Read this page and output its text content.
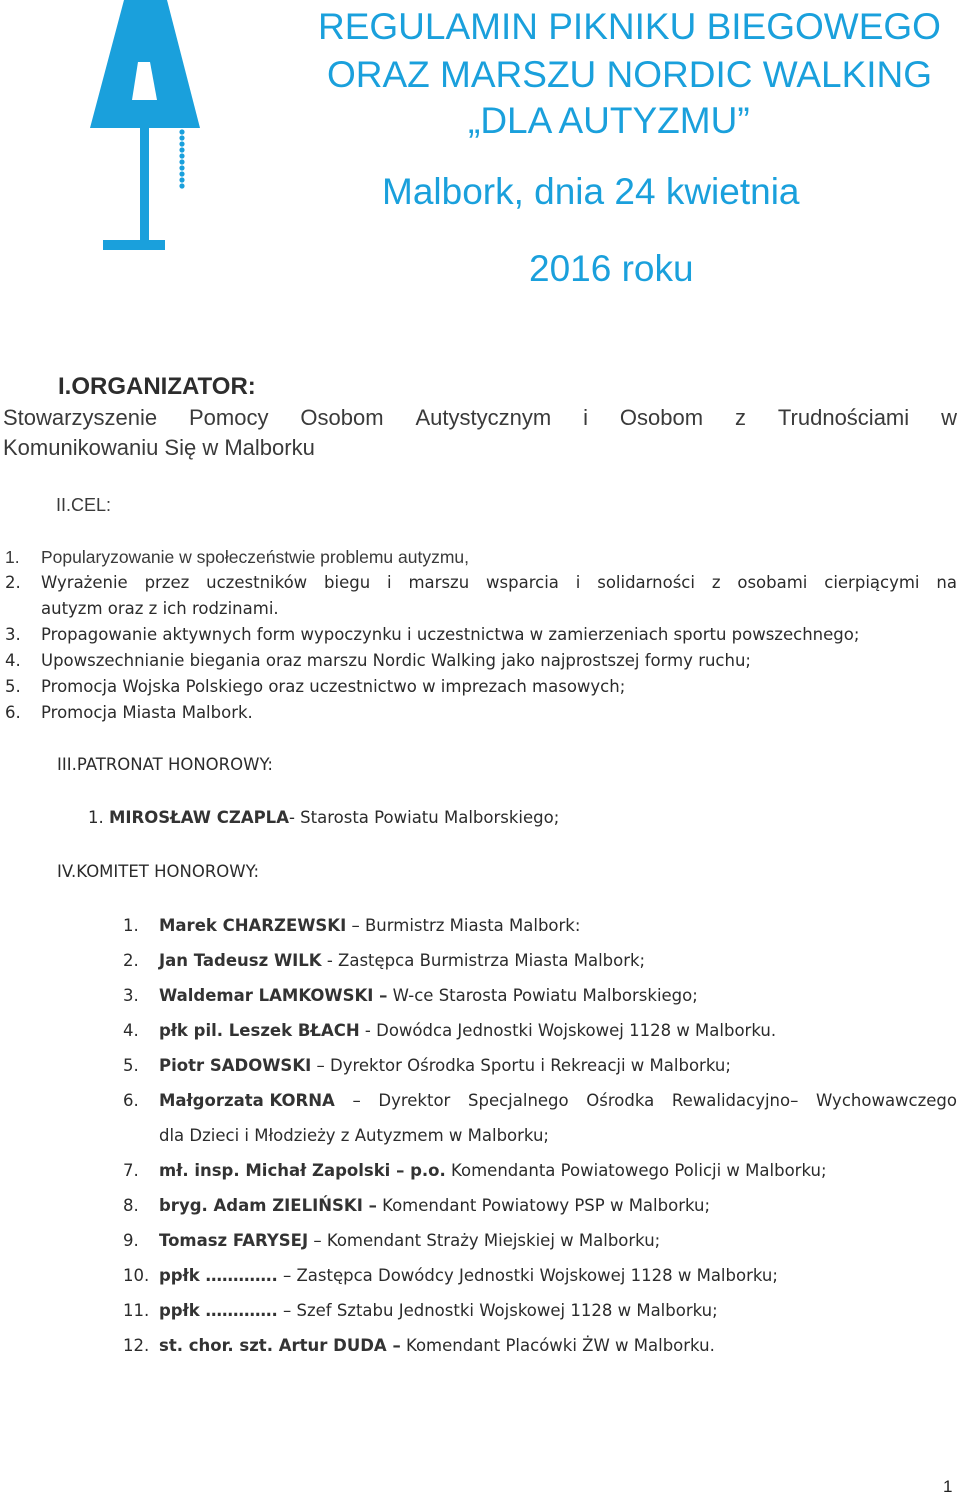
REGULAMIN PIKNIKU BIEGOWEGO
ORAZ MARSZU NORDIC WALKING
„DLA AUTYZMU”
Malbork, dnia 24 kwietnia
2016 roku
I.ORGANIZATOR:
Stowarzyszenie Pomocy Osobom Autystycznym i Osobom z Trudnościami w
Komunikowaniu Się w Malborku
II.CEL:
1. Popularyzowanie w społeczeństwie problemu autyzmu,
2. Wyrażenie przez uczestników biegu i marszu wsparcia i solidarności z osobami cierpiącymi na
autyzm oraz z ich rodzinami.
3. Propagowanie aktywnych form wypoczynku i uczestnictwa w zamierzeniach sportu powszechnego;
4. Upowszechnianie biegania oraz marszu Nordic Walking jako najprostszej formy ruchu;
5. Promocja Wojska Polskiego oraz uczestnictwo w imprezach masowych;
6. Promocja Miasta Malbork.
III.PATRONAT HONOROWY:
1. MIROSŁAW CZAPLA- Starosta Powiatu Malborskiego;
IV.KOMITET HONOROWY:
1. Marek CHARZEWSKI – Burmistrz Miasta Malbork:
2. Jan Tadeusz WILK - Zastępca Burmistrza Miasta Malbork;
3. Waldemar LAMKOWSKI – W-ce Starosta Powiatu Malborskiego;
4. płk pil. Leszek BŁACH - Dowódca Jednostki Wojskowej 1128 w Malborku.
5. Piotr SADOWSKI – Dyrektor Ośrodka Sportu i Rekreacji w Malborku;
6. Małgorzata KORNA – Dyrektor Specjalnego Ośrodka Rewalidacyjno– Wychowawczego
dla Dzieci i Młodzieży z Autyzmem w Malborku;
7. mł. insp. Michał Zapolski – p.o. Komendanta Powiatowego Policji w Malborku;
8. bryg. Adam ZIELIŃSKI – Komendant Powiatowy PSP w Malborku;
9. Tomasz FARYSEJ – Komendant Straży Miejskiej w Malborku;
10. ppłk …………. – Zastępca Dowódcy Jednostki Wojskowej 1128 w Malborku;
11. ppłk …………. – Szef Sztabu Jednostki Wojskowej 1128 w Malborku;
12. st. chor. szt. Artur DUDA – Komendant Placówki ŻW w Malborku.
1
